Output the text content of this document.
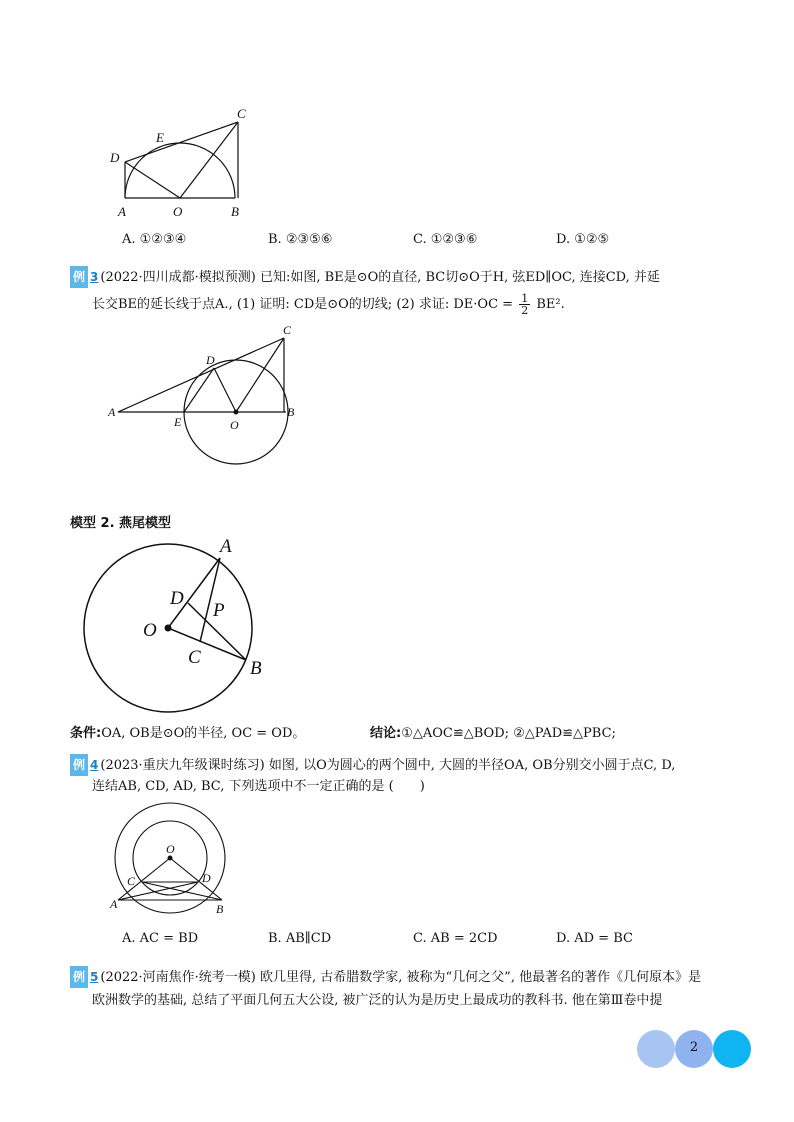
C
E
D
A	O	B
A. ①②③④	B. ②③⑤⑥	C. ①②③⑥	D. ①②⑤
例 3 (2022·四川成都·模拟预测) 已知:如图, BE是⊙O的直径, BC切⊙O于H, 弦ED∥OC, 连接CD, 并延
长交BE的延长线于点A., (1) 证明: CD是⊙O的切线; (2) 求证: $DE\cdot OC = \frac{1}{2} BE^2$.
C
D
A
E	O
B
模型 2. 燕尾模型
A
D
P
O
C
B
条件:OA, OB是⊙O的半径, OC = OD。	结论:①△AOC≌△BOD; ②△PAD≌△PBC;
例 4 (2023·重庆九年级课时练习) 如图, 以O为圆心的两个圆中, 大圆的半径OA, OB分别交小圆于点C, D,
连结AB, CD, AD, BC, 下列选项中不一定正确的是 (　　)
O
C	D
A	B
A. AC = BD	B. AB∥CD	C. AB = 2CD	D. AD = BC
例 5 (2022·河南焦作·统考一模) 欧几里得, 古希腊数学家, 被称为“几何之父”, 他最著名的著作《几何原本》是
欧洲数学的基础, 总结了平面几何五大公设, 被广泛的认为是历史上最成功的教科书. 他在第Ⅲ卷中提
2
